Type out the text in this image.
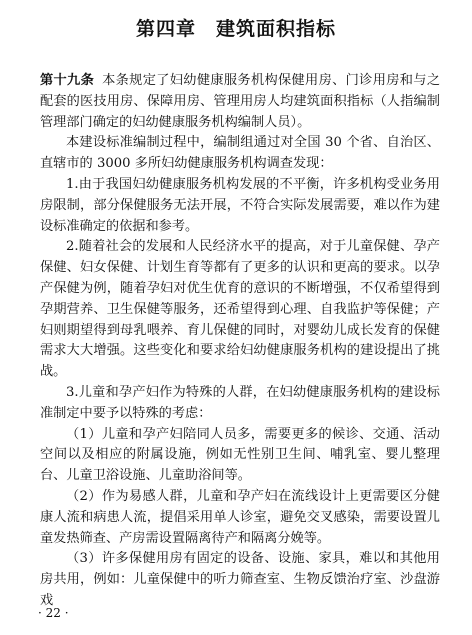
第四章　建筑面积指标

第十九条 本条规定了妇幼健康服务机构保健用房、门诊用房和与之配套的医技用房、保障用房、管理用房人均建筑面积指标（人指编制管理部门确定的妇幼健康服务机构编制人员）。

本建设标准编制过程中，编制组通过对全国 30 个省、自治区、直辖市的 3000 多所妇幼健康服务机构调查发现：

1.由于我国妇幼健康服务机构发展的不平衡，许多机构受业务用房限制，部分保健服务无法开展，不符合实际发展需要，难以作为建设标准确定的依据和参考。

2.随着社会的发展和人民经济水平的提高，对于儿童保健、孕产保健、妇女保健、计划生育等都有了更多的认识和更高的要求。以孕产保健为例，随着孕妇对优生优育的意识的不断增强，不仅希望得到孕期营养、卫生保健等服务，还希望得到心理、自我监护等保健；产妇则期望得到母乳喂养、育儿保健的同时，对婴幼儿成长发育的保健需求大大增强。这些变化和要求给妇幼健康服务机构的建设提出了挑战。

3.儿童和孕产妇作为特殊的人群，在妇幼健康服务机构的建设标准制定中要予以特殊的考虑：

（1）儿童和孕产妇陪同人员多，需要更多的候诊、交通、活动空间以及相应的附属设施，例如无性别卫生间、哺乳室、婴儿整理台、儿童卫浴设施、儿童助浴间等。

（2）作为易感人群，儿童和孕产妇在流线设计上更需要区分健康人流和病患人流，提倡采用单人诊室，避免交叉感染，需要设置儿童发热筛查、产房需设置隔离待产和隔离分娩等。

（3）许多保健用房有固定的设备、设施、家具，难以和其他用房共用，例如：儿童保健中的听力筛查室、生物反馈治疗室、沙盘游戏

· 22 ·
